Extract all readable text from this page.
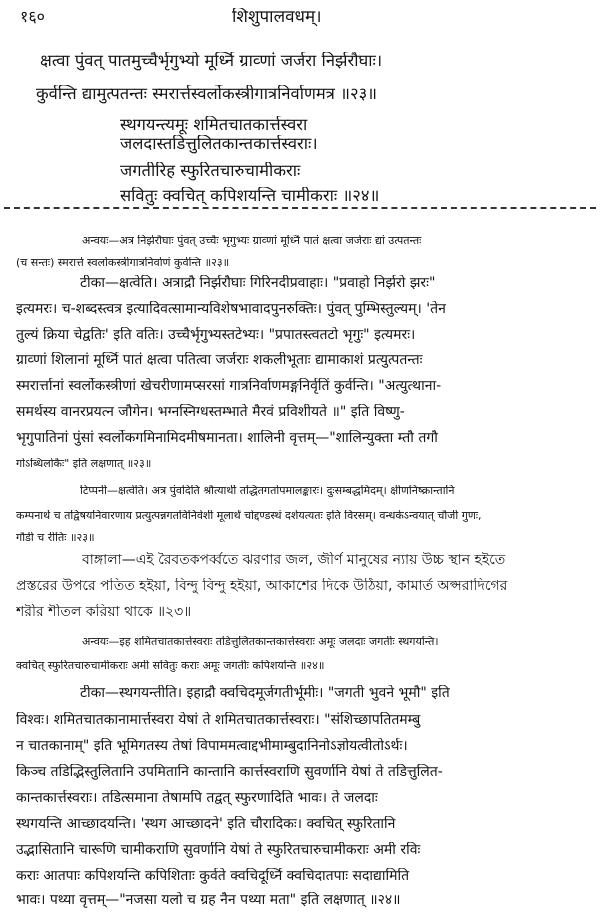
१६०	शिशुपालवधम्।
क्षत्वा पुंवत् पातमुच्चैर्भृगुभ्यो मूर्ध्नि ग्राव्णां जर्जरा निर्झरौघाः।
कुर्वन्ति द्यामुत्पतन्तः स्मरार्त्तस्वर्लोकस्त्रीगात्रनिर्वाणमत्र ॥२३॥
स्थगयन्त्यमूः शमितचातकार्त्तस्वरा
जलदास्तडित्तुलितकान्तकार्त्तस्वराः।
जगतीरिह स्फुरितचारुचामीकराः
सवितुः क्वचित् कपिशयन्ति चामीकराः ॥२४॥
अन्वयः—अत्र निर्झरौघाः पुंवत् उच्चैः भृगुभ्यः ग्राव्णां मूर्ध्नि पातं क्षत्वा जर्जराः द्यां उत्पतन्तः
(च सन्तः) स्मरार्त्त स्वर्लोकस्त्रीगात्रनिर्वाणं कुर्वन्ति ॥२३॥
टीका—क्षत्वेति। अत्राद्रौ निर्झरौघाः गिरिनदीप्रवाहाः। "प्रवाहो निर्झरो झरः"
इत्यमरः। च-शब्दस्त्वत्र इत्यादिवत्सामान्यविशेषभावादपुनरुक्तिः। पुंवत् पुम्भिस्तुल्यम्। 'तेन
तुल्यं क्रिया चेद्वतिः' इति वतिः। उच्चैर्भृगुभ्यस्तटेभ्यः। "प्रपातस्त्वतटो भृगुः" इत्यमरः।
ग्राव्णां शिलानां मूर्ध्नि पातं क्षत्वा पतित्वा जर्जराः शकलीभूताः द्यामाकाशं प्रत्युत्पतन्तः
स्मरार्त्तानां स्वर्लोकस्त्रीणां खेचरीणामप्सरसां गात्रनिर्वाणमङ्गनिर्वृतिं कुर्वन्ति। "अत्युत्थाना-
समर्थस्य वानरप्रयत्न जौगेन। भग्नस्निग्धस्तम्भाते मैरवं प्रविशीयते ॥" इति विष्णु-
भृगुपातिनां पुंसां स्वर्लोकगमिनामिदमीषमानता। शालिनी वृत्तम्—"शालिन्युक्ता म्तौ तगौ
गोऽब्धिलोकैः" इति लक्षणात् ॥२३॥
टिप्पनी—क्षत्वेति। अत्र पुंवदिति श्रौत्यार्थी तद्धितगतोपमालङ्कारः। दुःसम्बद्धमिदम्। क्षीणनिष्क्रान्तानि
कम्पनार्थे च तद्विषयनिवारणाय प्रत्युत्पन्नगतविनिवेशी मूलार्थं चोद्दण्डस्थं दर्शयत्यतः इति विरसम्। वन्धकेऽन्वयात् चौजी गुणः,
गौडी च रीतिः ॥२३॥
বাঙ্গালা—এই রৈবতকপর্ব্বতে ঝরণার জল, জীর্ণ মানুষের ন্যায় উচ্চ স্থান হইতে
প্রস্তরের উপরে পতিত হইয়া, বিন্দু বিন্দু হইয়া, আকাশের দিকে উঠিয়া, কামার্ত অপ্সরাদিগের
শরীর শীতল করিয়া থাকে ॥২৩॥
अन्वयः—इह शमितचातकार्त्तस्वराः तडित्तुलितकान्तकार्त्तस्वराः अमूः जलदाः जगतीः स्थगयन्ति।
क्वचित् स्फुरितचारुचामीकराः अमी सवितुः कराः अमूः जगतीः कपिशयन्ति ॥२४॥
टीका—स्थगयन्तीति। इहाद्रौ क्वचिदमूर्जगतीर्भूमीः। "जगती भुवने भूमौ" इति
विश्वः। शमितचातकानामार्त्तस्वरा येषां ते शमितचातकार्त्तस्वराः। "संशिच्छापतितमम्बु
न चातकानाम्" इति भूमिगतस्य तेषां विपाममत्वाद्दभीमाम्बुदानिनोऽज्ञोयत्वीतोऽर्थः।
किञ्च तडिद्भिस्तुलितानि उपमितानि कान्तानि कार्त्तस्वराणि सुवर्णानि येषां ते तडित्तुलित-
कान्तकार्त्तस्वराः। तडित्समाना तेषामपि तद्वत् स्फुरणादिति भावः। ते जलदाः
स्थगयन्ति आच्छादयन्ति। 'स्थग आच्छादने' इति चौरादिकः। क्वचित् स्फुरितानि
उद्भासितानि चारूणि चामीकराणि सुवर्णानि येषां ते स्फुरितचारुचामीकराः अमी रविः
कराः आतपाः कपिशयन्ति कपिशिताः कुर्वते क्वचिदूर्ध्नि क्वचिदातपाः सदाद्यामिति
भावः। पथ्या वृत्तम्—"नजसा यलो च ग्रह नैन पथ्या मता" इति लक्षणात् ॥२४॥
